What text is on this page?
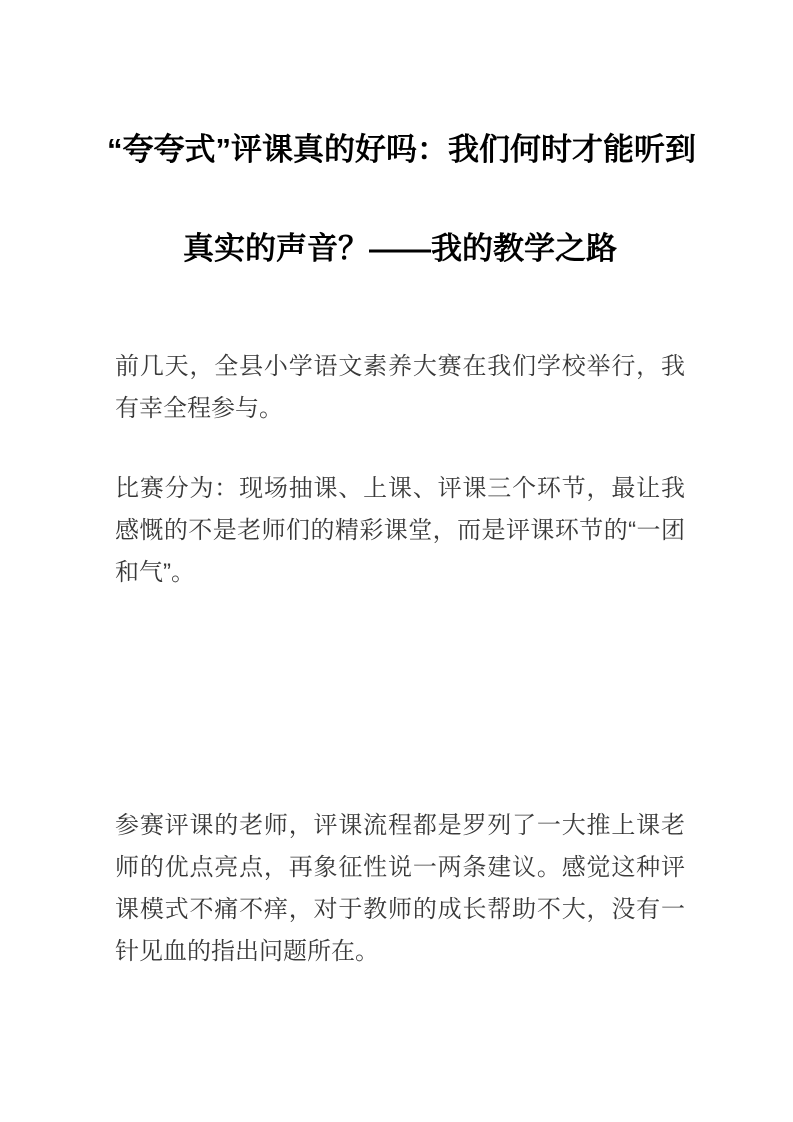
“夸夸式”评课真的好吗：我们何时才能听到
真实的声音？——我的教学之路

前几天，全县小学语文素养大赛在我们学校举行，我有幸全程参与。

比赛分为：现场抽课、上课、评课三个环节，最让我感慨的不是老师们的精彩课堂，而是评课环节的“一团和气”。

参赛评课的老师，评课流程都是罗列了一大推上课老师的优点亮点，再象征性说一两条建议。感觉这种评课模式不痛不痒，对于教师的成长帮助不大，没有一针见血的指出问题所在。
